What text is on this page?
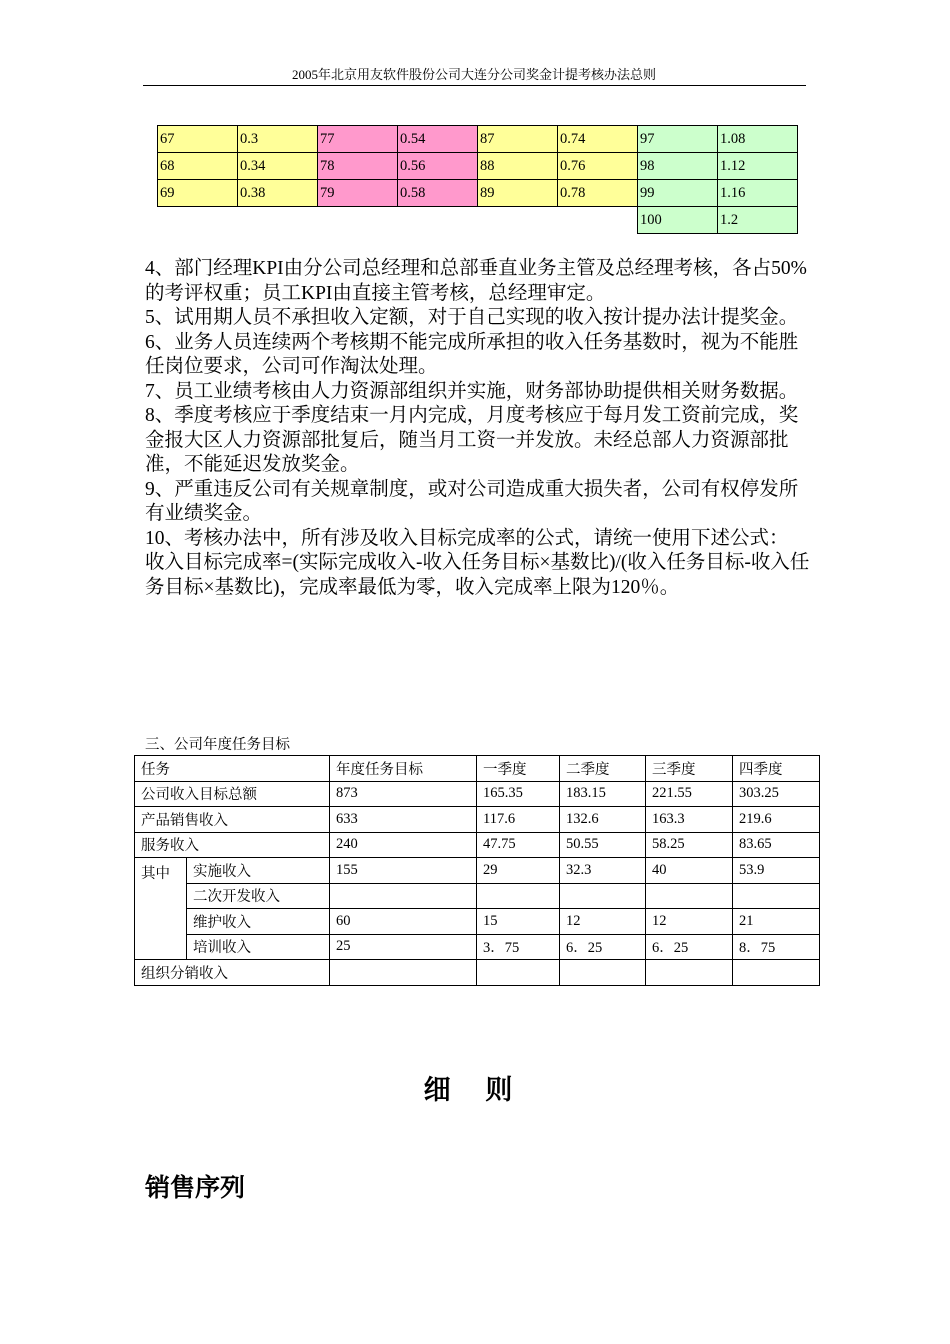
2005年北京用友软件股份公司大连分公司奖金计提考核办法总则
67	0.3	77	0.54	87	0.74	97	1.08
68	0.34	78	0.56	88	0.76	98	1.12
69	0.38	79	0.58	89	0.78	99	1.16
						100	1.2

4、部门经理KPI由分公司总经理和总部垂直业务主管及总经理考核，各占50%的考评权重；员工KPI由直接主管考核，总经理审定。

5、试用期人员不承担收入定额，对于自己实现的收入按计提办法计提奖金。

6、业务人员连续两个考核期不能完成所承担的收入任务基数时，视为不能胜任岗位要求，公司可作淘汰处理。

7、员工业绩考核由人力资源部组织并实施，财务部协助提供相关财务数据。

8、季度考核应于季度结束一月内完成，月度考核应于每月发工资前完成，奖金报大区人力资源部批复后，随当月工资一并发放。未经总部人力资源部批准，不能延迟发放奖金。

9、严重违反公司有关规章制度，或对公司造成重大损失者，公司有权停发所有业绩奖金。

10、考核办法中，所有涉及收入目标完成率的公式，请统一使用下述公式：

收入目标完成率=(实际完成收入-收入任务目标×基数比)/(收入任务目标-收入任务目标×基数比)，完成率最低为零，收入完成率上限为120％。

三、公司年度任务目标
任务		年度任务目标	一季度	二季度	三季度	四季度
公司收入目标总额		873	165.35	183.15	221.55	303.25
产品销售收入		633	117.6	132.6	163.3	219.6
服务收入		240	47.75	50.55	58.25	83.65
其中	实施收入	155	29	32.3	40	53.9
	二次开发收入					
	维护收入	60	15	12	12	21
	培训收入	25	3．75	6．25	6．25	8．75
组织分销收入						
细 则
销售序列
